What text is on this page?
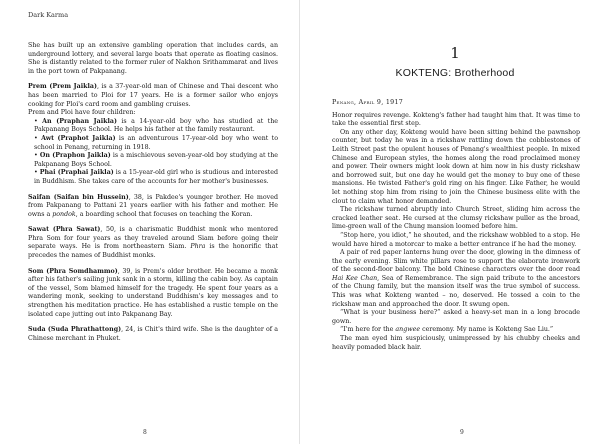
Dark Karma

She has built up an extensive gambling operation that includes cards, an underground lottery, and several large boats that operate as floating casinos. She is distantly related to the former ruler of Nakhon Srithammarat and lives in the port town of Pakpanang.

Prem (Prem Jaikla), is a 37-year-old man of Chinese and Thai descent who has been married to Ploi for 17 years. He is a former sailor who enjoys cooking for Ploi's card room and gambling cruises.

Prem and Ploi have four children:

• An (Praphan Jaikla) is a 14-year-old boy who has studied at the Pakpanang Boys School. He helps his father at the family restaurant.

• Awt (Praphot Jaikla) is an adventurous 17-year-old boy who went to school in Penang, returning in 1918.

• On (Praphon Jaikla) is a mischievous seven-year-old boy studying at the Pakpanang Boys School.

• Phai (Praphai Jaikla) is a 15-year-old girl who is studious and interested in Buddhism. She takes care of the accounts for her mother's businesses.

Saifan (Saifan bin Hussein), 38, is Pakdee's younger brother. He moved from Pakpanang to Pattani 21 years earlier with his father and mother. He owns a pondok, a boarding school that focuses on teaching the Koran.

Sawat (Phra Sawat), 50, is a charismatic Buddhist monk who mentored Phra Som for four years as they traveled around Siam before going their separate ways. He is from northeastern Siam. Phra is the honorific that precedes the names of Buddhist monks.

Som (Phra Somdhammo), 39, is Prem's older brother. He became a monk after his father's sailing junk sank in a storm, killing the cabin boy. As captain of the vessel, Som blamed himself for the tragedy. He spent four years as a wandering monk, seeking to understand Buddhism's key messages and to strengthen his meditation practice. He has established a rustic temple on the isolated cape jutting out into Pakpanang Bay.

Suda (Suda Phrathattong), 24, is Chit's third wife. She is the daughter of a Chinese merchant in Phuket.

8	9
1
KOKTENG: Brotherhood
Penang, April 9, 1917

Honor requires revenge. Kokteng's father had taught him that. It was time to take the essential first step.

On any other day, Kokteng would have been sitting behind the pawnshop counter, but today he was in a rickshaw rattling down the cobblestones of Leith Street past the opulent houses of Penang's wealthiest people. In mixed Chinese and European styles, the homes along the road proclaimed money and power. Their owners might look down at him now in his dusty rickshaw and borrowed suit, but one day he would get the money to buy one of these mansions. He twisted Father's gold ring on his finger. Like Father, he would let nothing stop him from rising to join the Chinese business elite with the clout to claim what honor demanded.

The rickshaw turned abruptly into Church Street, sliding him across the cracked leather seat. He cursed at the clumsy rickshaw puller as the broad, lime-green wall of the Chung mansion loomed before him.

“Stop here, you idiot,” he shouted, and the rickshaw wobbled to a stop. He would have hired a motorcar to make a better entrance if he had the money.

A pair of red paper lanterns hung over the door, glowing in the dimness of the early evening. Slim white pillars rose to support the elaborate ironwork of the second-floor balcony. The bold Chinese characters over the door read Hai Kee Chan, Sea of Remembrance. The sign paid tribute to the ancestors of the Chung family, but the mansion itself was the true symbol of success. This was what Kokteng wanted – no, deserved. He tossed a coin to the rickshaw man and approached the door. It swung open.

“What is your business here?” asked a heavy-set man in a long brocade gown.

“I'm here for the angwee ceremony. My name is Kokteng Sae Liu.”

The man eyed him suspiciously, unimpressed by his chubby cheeks and heavily pomaded black hair.
